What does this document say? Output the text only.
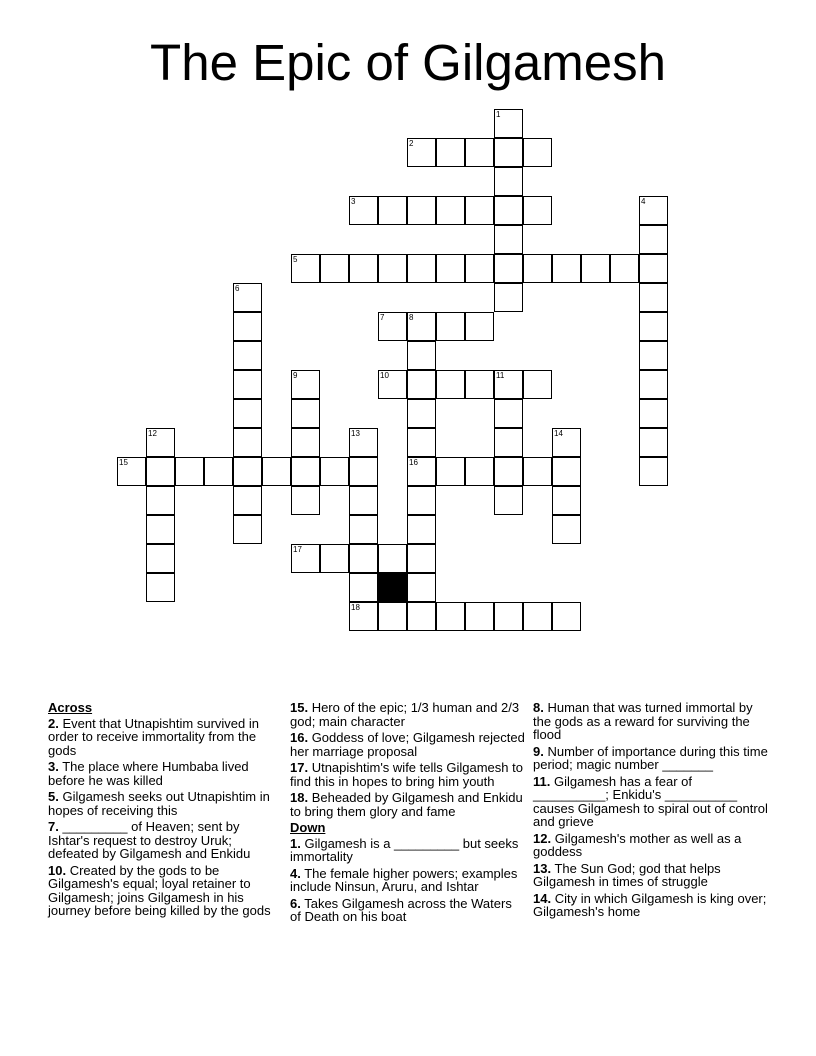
The Epic of Gilgamesh
1
2
3
5
4
6
7	8
16
9	10	11
12	13
18
14
15
17
Across
2. Event that Utnapishtim survived in order to receive immortality from the gods
3. The place where Humbaba lived before he was killed
5. Gilgamesh seeks out Utnapishtim in hopes of receiving this
7. _________ of Heaven; sent by Ishtar's request to destroy Uruk; defeated by Gilgamesh and Enkidu
10. Created by the gods to be Gilgamesh's equal; loyal retainer to Gilgamesh; joins Gilgamesh in his journey before being killed by the gods
15. Hero of the epic; 1/3 human and 2/3 god; main character
16. Goddess of love; Gilgamesh rejected her marriage proposal
17. Utnapishtim's wife tells Gilgamesh to find this in hopes to bring him youth
18. Beheaded by Gilgamesh and Enkidu to bring them glory and fame
Down
1. Gilgamesh is a _________ but seeks immortality
4. The female higher powers; examples include Ninsun, Aruru, and Ishtar
6. Takes Gilgamesh across the Waters of Death on his boat
8. Human that was turned immortal by the gods as a reward for surviving the flood
9. Number of importance during this time period; magic number _______
11. Gilgamesh has a fear of __________; Enkidu's __________ causes Gilgamesh to spiral out of control and grieve
12. Gilgamesh's mother as well as a goddess
13. The Sun God; god that helps Gilgamesh in times of struggle
14. City in which Gilgamesh is king over; Gilgamesh's home
